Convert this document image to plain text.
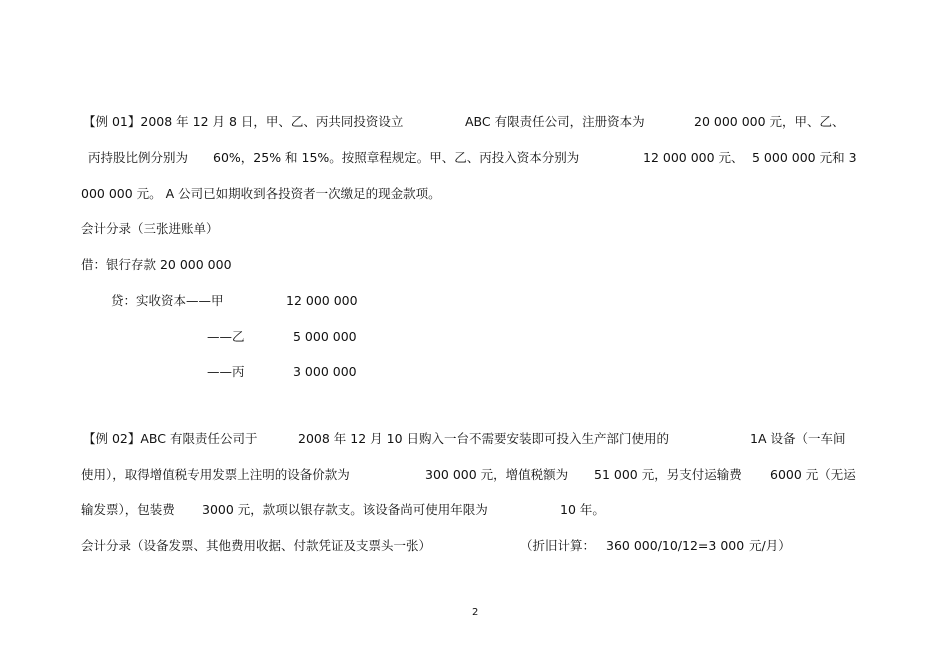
【例 01】2008 年 12 月 8 日，甲、乙、丙共同投资设立	ABC 有限责任公司，注册资本为	20 000 000 元，甲、乙、
丙持股比例分别为 60%，25% 和 15%。按照章程规定。甲、乙、丙投入资本分别为	12 000 000 元、 5 000 000 元和 3
000 000 元。 A 公司已如期收到各投资者一次缴足的现金款项。
会计分录（三张进账单）
借：银行存款 20 000 000
贷：实收资本——甲	12 000 000
——乙	5 000 000
——丙	3 000 000
【例 02】ABC 有限责任公司于	2008 年 12 月 10 日购入一台不需要安装即可投入生产部门使用的	1A 设备（一车间
使用），取得增值税专用发票上注明的设备价款为	300 000 元，增值税额为 51 000 元，另支付运输费 6000 元（无运
输发票），包装费 3000 元，款项以银存款支。该设备尚可使用年限为	10 年。
会计分录（设备发票、其他费用收据、付款凭证及支票头一张）	（折旧计算： 360 000/10/12=3 000 元/月）
2
